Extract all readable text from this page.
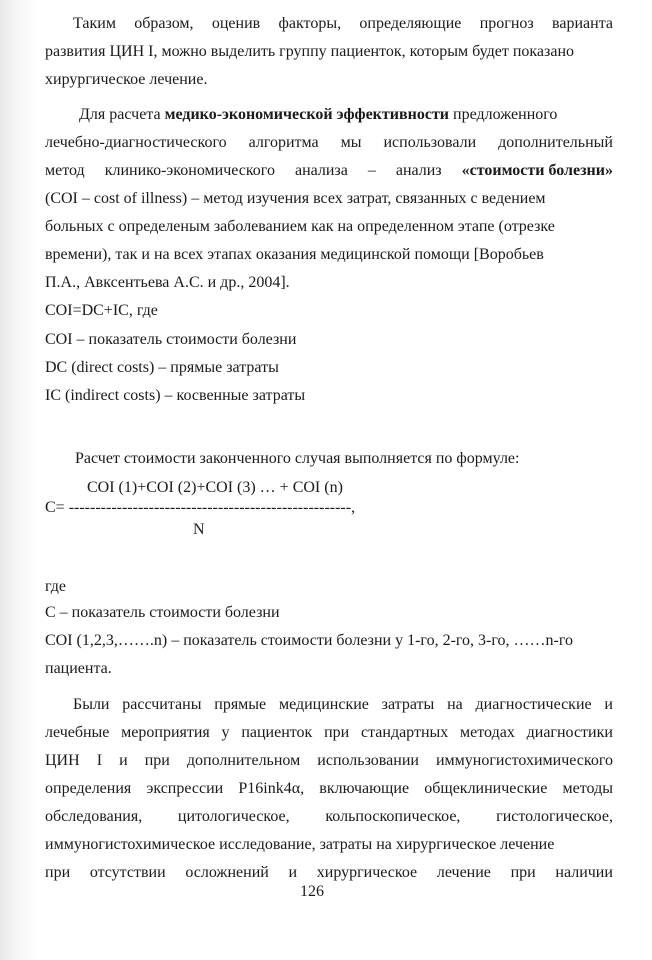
Таким образом, оценив факторы, определяющие прогноз варианта
развития ЦИН I, можно выделить группу пациенток, которым будет показано
хирургическое лечение.
Для расчета медико-экономической эффективности предложенного
лечебно-диагностического алгоритма мы использовали дополнительный
метод клинико-экономического анализа – анализ «стоимости болезни»
(COI – cost of illness) – метод изучения всех затрат, связанных с ведением
больных с определеным заболеванием как на определенном этапе (отрезке
времени), так и на всех этапах оказания медицинской помощи [Воробьев
П.А., Авксентьева А.С. и др., 2004].
COI=DC+IC, где
COI – показатель стоимости болезни
DC (direct costs) – прямые затраты
IC (indirect costs) – косвенные затраты
Расчет стоимости законченного случая выполняется по формуле:
COI (1)+COI (2)+COI (3) … + COI (n)
C= -----------------------------------------------------,
N
где
C – показатель стоимости болезни
COI (1,2,3,…….n) – показатель стоимости болезни у 1-го, 2-го, 3-го, ……n-го
пациента.
Были рассчитаны прямые медицинские затраты на диагностические и
лечебные мероприятия у пациенток при стандартных методах диагностики
ЦИН I и при дополнительном использовании иммуногистохимического
определения экспрессии P16ink4α, включающие общеклинические методы
обследования, цитологическое, кольпоскопическое, гистологическое,
иммуногистохимическое исследование, затраты на хирургическое лечение
при отсутствии осложнений и хирургическое лечение при наличии
126
